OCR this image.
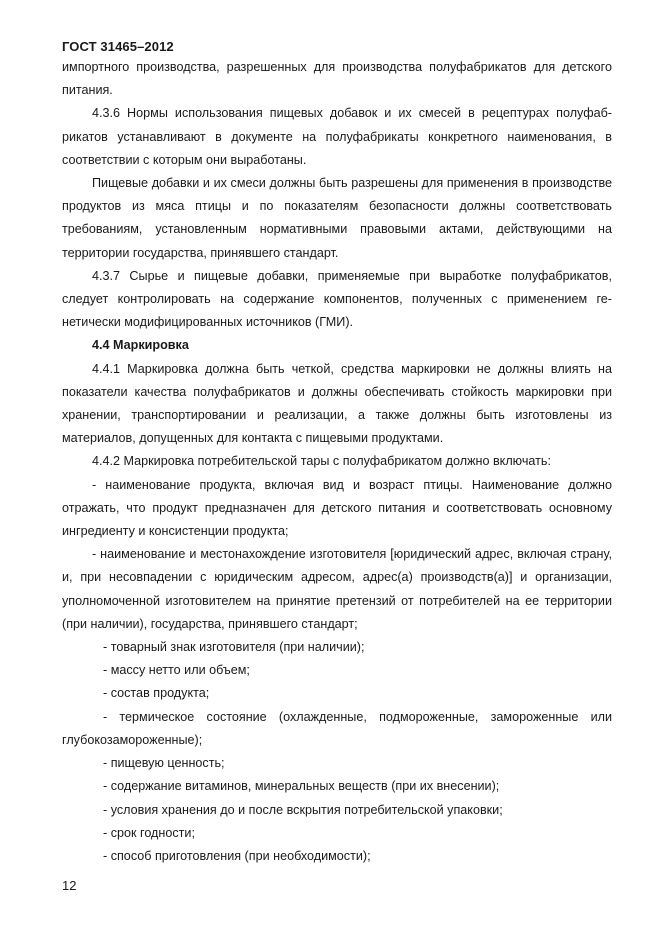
ГОСТ 31465–2012

импортного производства, разрешенных для производства полуфабрикатов для детского питания.

4.3.6 Нормы использования пищевых добавок и их смесей в рецептурах полуфабрикатов устанавливают в документе на полуфабрикаты конкретного наименования, в соответствии с которым они выработаны.

Пищевые добавки и их смеси должны быть разрешены для применения в производстве продуктов из мяса птицы и по показателям безопасности должны соответствовать требованиям, установленным нормативными правовыми актами, действующими на территории государства, принявшего стандарт.

4.3.7 Сырье и пищевые добавки, применяемые при выработке полуфабрикатов, следует контролировать на содержание компонентов, полученных с применением генетически модифицированных источников (ГМИ).

4.4 Маркировка

4.4.1 Маркировка должна быть четкой, средства маркировки не должны влиять на показатели качества полуфабрикатов и должны обеспечивать стойкость маркировки при хранении, транспортировании и реализации, а также должны быть изготовлены из материалов, допущенных для контакта с пищевыми продуктами.

4.4.2 Маркировка потребительской тары с полуфабрикатом должно включать:

- наименование продукта, включая вид и возраст птицы. Наименование должно отражать, что продукт предназначен для детского питания и соответствовать основному ингредиенту и консистенции продукта;

- наименование и местонахождение изготовителя [юридический адрес, включая страну, и, при несовпадении с юридическим адресом, адрес(а) производств(а)] и организации, уполномоченной изготовителем на принятие претензий от потребителей на ее территории (при наличии), государства, принявшего стандарт;

- товарный знак изготовителя (при наличии);

- массу нетто или объем;

- состав продукта;

- термическое состояние (охлажденные, подмороженные, замороженные или глубокозамороженные);

- пищевую ценность;

- содержание витаминов, минеральных веществ (при их внесении);

- условия хранения до и после вскрытия потребительской упаковки;

- срок годности;

- способ приготовления (при необходимости);

12
